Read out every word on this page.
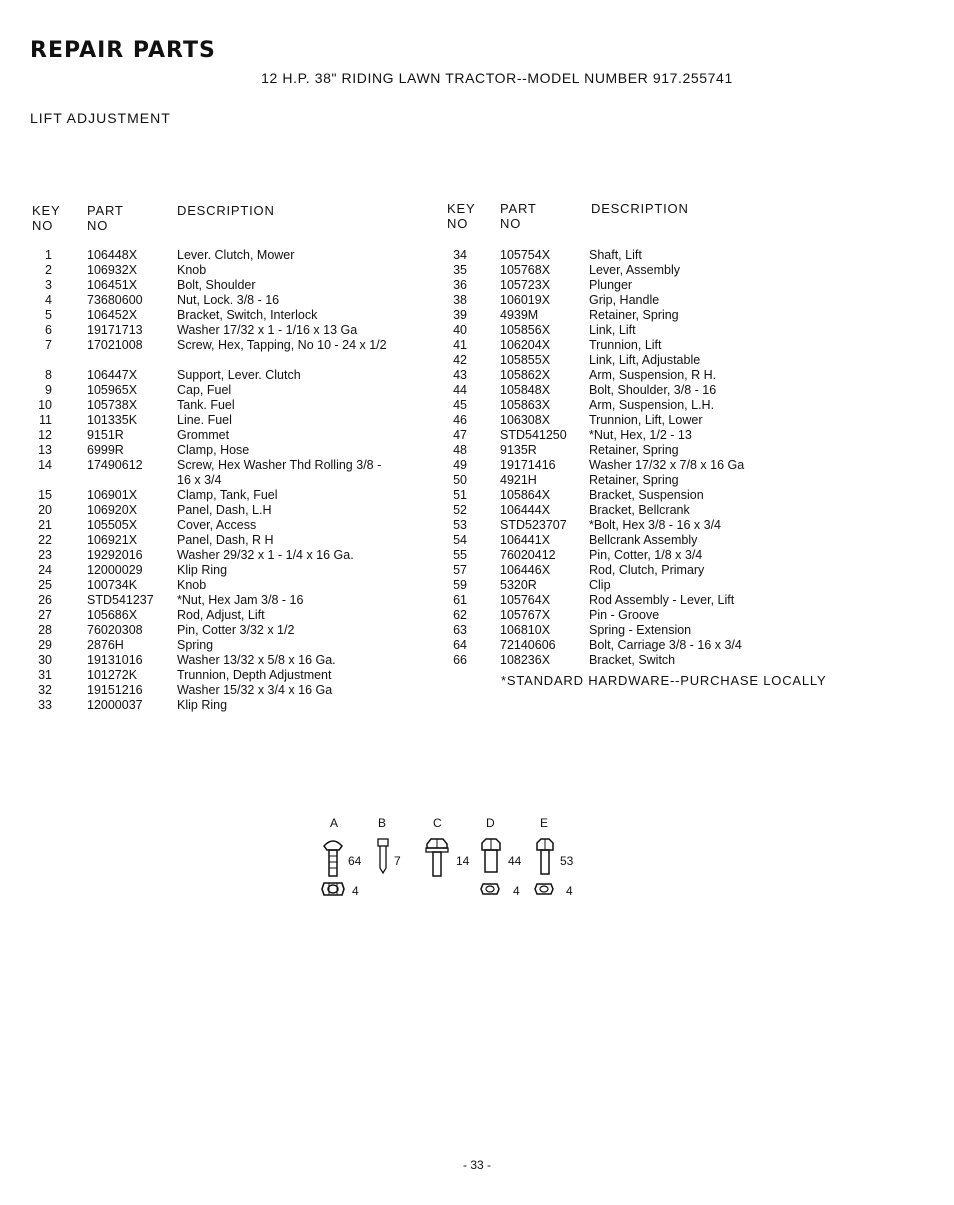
REPAIR PARTS
12 H.P. 38" RIDING LAWN TRACTOR--MODEL NUMBER 917.255741
LIFT ADJUSTMENT
KEY
NO
PART
NO
DESCRIPTION	KEY
NO
PART
NO
DESCRIPTION
1	106448X	Lever. Clutch, Mower
2	106932X	Knob
3	106451X	Bolt, Shoulder
4	73680600	Nut, Lock. 3/8 - 16
5	106452X	Bracket, Switch, Interlock
6	19171713	Washer 17/32 x 1 - 1/16 x 13 Ga
7	17021008	Screw, Hex, Tapping, No 10 - 24 x 1/2
8	106447X	Support, Lever. Clutch
9	105965X	Cap, Fuel
10	105738X	Tank. Fuel
11	101335K	Line. Fuel
12	9151R	Grommet
13	6999R	Clamp, Hose
14	17490612	Screw, Hex Washer Thd Rolling 3/8 - 16 x 3/4
15	106901X	Clamp, Tank, Fuel
20	106920X	Panel, Dash, L.H
21	105505X	Cover, Access
22	106921X	Panel, Dash, R H
23	19292016	Washer 29/32 x 1 - 1/4 x 16 Ga.
24	12000029	Klip Ring
25	100734K	Knob
26	STD541237 *Nut, Hex Jam 3/8 - 16
27	105686X	Rod, Adjust, Lift
28	76020308	Pin, Cotter 3/32 x 1/2
29	2876H	Spring
30	19131016	Washer 13/32 x 5/8 x 16 Ga.
31	101272K	Trunnion, Depth Adjustment
32	19151216	Washer 15/32 x 3/4 x 16 Ga
33	12000037	Klip Ring
34	105754X	Shaft, Lift
35	105768X	Lever, Assembly
36	105723X	Plunger
38	106019X	Grip, Handle
39	4939M	Retainer, Spring
40	105856X	Link, Lift
41	106204X	Trunnion, Lift
42	105855X	Link, Lift, Adjustable
43	105862X	Arm, Suspension, R H.
44	105848X	Bolt, Shoulder, 3/8 - 16
45	105863X	Arm, Suspension, L.H.
46	106308X	Trunnion, Lift, Lower
47	STD541250 *Nut, Hex, 1/2 - 13
48	9135R	Retainer, Spring
49	19171416	Washer 17/32 x 7/8 x 16 Ga
50	4921H	Retainer, Spring
51	105864X	Bracket, Suspension
52	106444X	Bracket, Bellcrank
53	STD523707 *Bolt, Hex 3/8 - 16 x 3/4
54	106441X	Bellcrank Assembly
55	76020412	Pin, Cotter, 1/8 x 3/4
57	106446X	Rod, Clutch, Primary
59	5320R	Clip
61	105764X	Rod Assembly - Lever, Lift
62	105767X	Pin - Groove
63	106810X	Spring - Extension
64	72140606	Bolt, Carriage 3/8 - 16 x 3/4
66	108236X	Bracket, Switch
*STANDARD HARDWARE--PURCHASE LOCALLY
A	B	C	D	E
64	7	14	44	53
4	4	4
- 33 -
